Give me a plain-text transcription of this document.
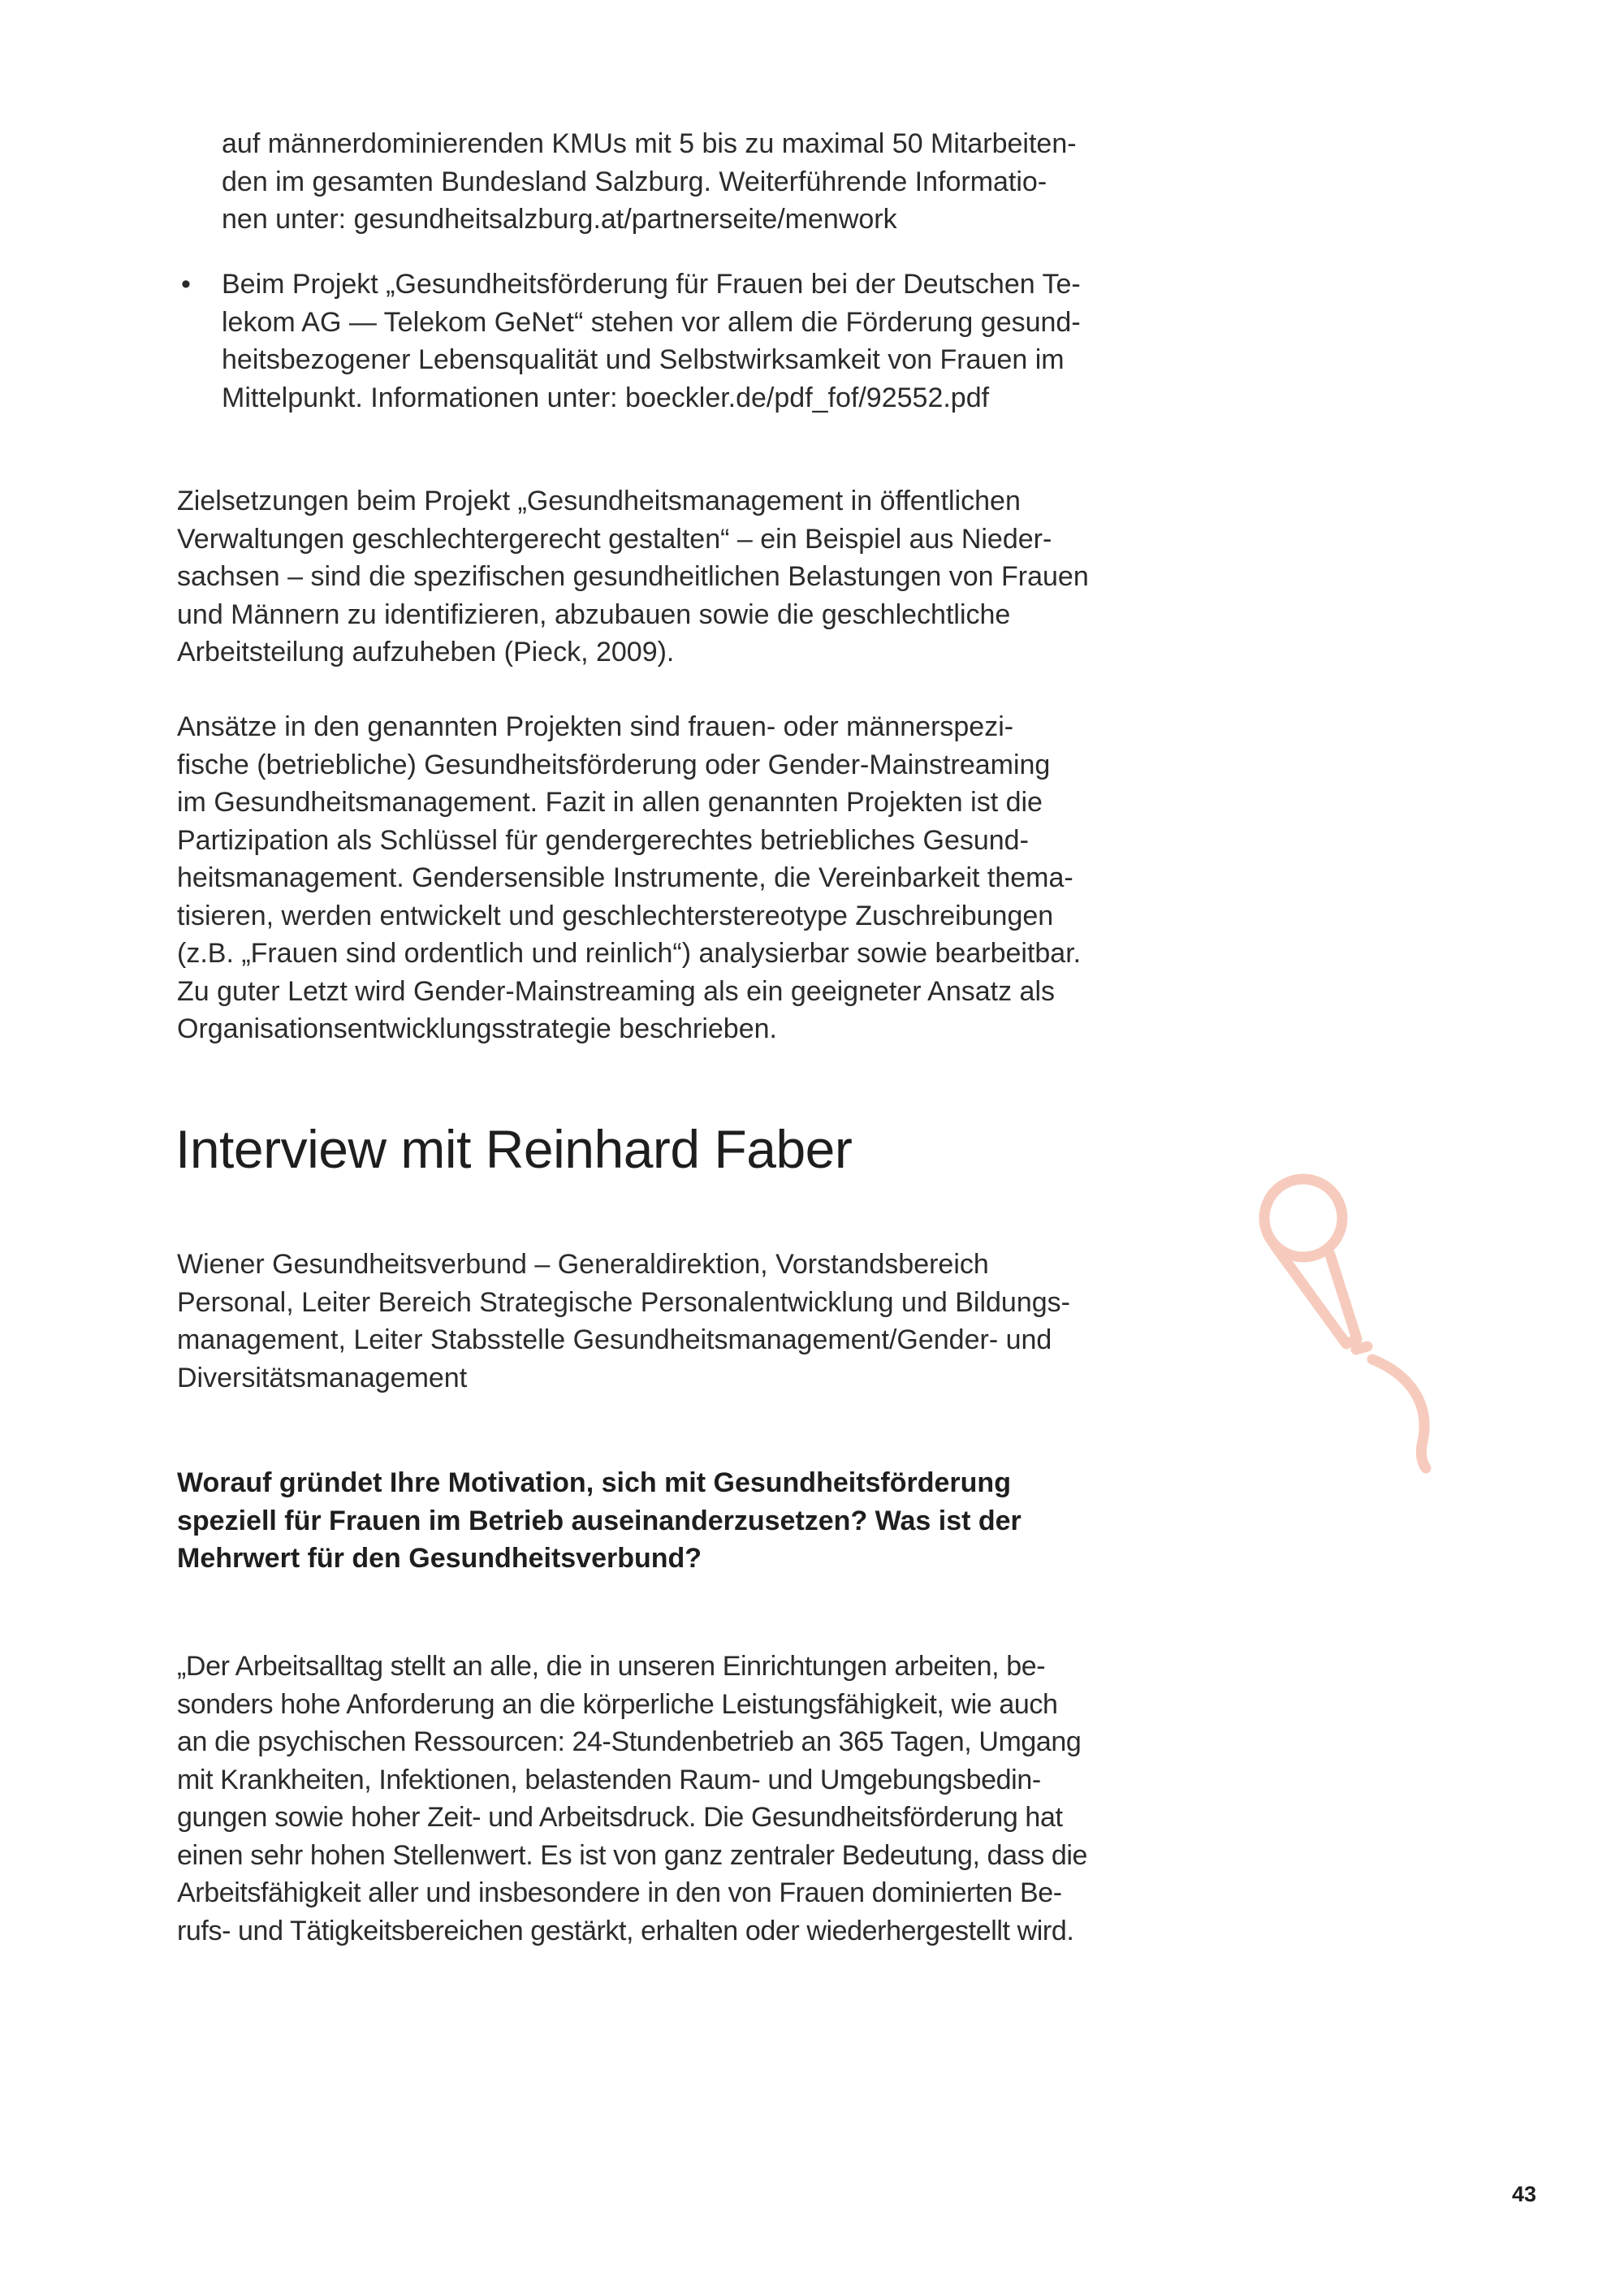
auf männerdominierenden KMUs mit 5 bis zu maximal 50 Mitarbeiten-
den im gesamten Bundesland Salzburg. Weiterführende Informatio-
nen unter: gesundheitsalzburg.at/partnerseite/menwork
• Beim Projekt „Gesundheitsförderung für Frauen bei der Deutschen Te-
lekom AG — Telekom GeNet“ stehen vor allem die Förderung gesund-
heitsbezogener Lebensqualität und Selbstwirksamkeit von Frauen im
Mittelpunkt. Informationen unter: boeckler.de/pdf_fof/92552.pdf
Zielsetzungen beim Projekt „Gesundheitsmanagement in öffentlichen
Verwaltungen geschlechtergerecht gestalten“ – ein Beispiel aus Nieder-
sachsen – sind die spezifischen gesundheitlichen Belastungen von Frauen
und Männern zu identifizieren, abzubauen sowie die geschlechtliche
Arbeitsteilung aufzuheben (Pieck, 2009).
Ansätze in den genannten Projekten sind frauen- oder männerspezi-
fische (betriebliche) Gesundheitsförderung oder Gender-Mainstreaming
im Gesundheitsmanagement. Fazit in allen genannten Projekten ist die
Partizipation als Schlüssel für gendergerechtes betriebliches Gesund-
heitsmanagement. Gendersensible Instrumente, die Vereinbarkeit thema-
tisieren, werden entwickelt und geschlechterstereotype Zuschreibungen
(z.B. „Frauen sind ordentlich und reinlich“) analysierbar sowie bearbeitbar.
Zu guter Letzt wird Gender-Mainstreaming als ein geeigneter Ansatz als
Organisationsentwicklungsstrategie beschrieben.
Interview mit Reinhard Faber
Wiener Gesundheitsverbund – Generaldirektion, Vorstandsbereich
Personal, Leiter Bereich Strategische Personalentwicklung und Bildungs-
management, Leiter Stabsstelle Gesundheitsmanagement/Gender- und
Diversitätsmanagement
Worauf gründet Ihre Motivation, sich mit Gesundheitsförderung
speziell für Frauen im Betrieb auseinanderzusetzen? Was ist der
Mehrwert für den Gesundheitsverbund?
„Der Arbeitsalltag stellt an alle, die in unseren Einrichtungen arbeiten, be-
sonders hohe Anforderung an die körperliche Leistungsfähigkeit, wie auch
an die psychischen Ressourcen: 24-Stundenbetrieb an 365 Tagen, Umgang
mit Krankheiten, Infektionen, belastenden Raum- und Umgebungsbedin-
gungen sowie hoher Zeit- und Arbeitsdruck. Die Gesundheitsförderung hat
einen sehr hohen Stellenwert. Es ist von ganz zentraler Bedeutung, dass die
Arbeitsfähigkeit aller und insbesondere in den von Frauen dominierten Be-
rufs- und Tätigkeitsbereichen gestärkt, erhalten oder wiederhergestellt wird.
43
